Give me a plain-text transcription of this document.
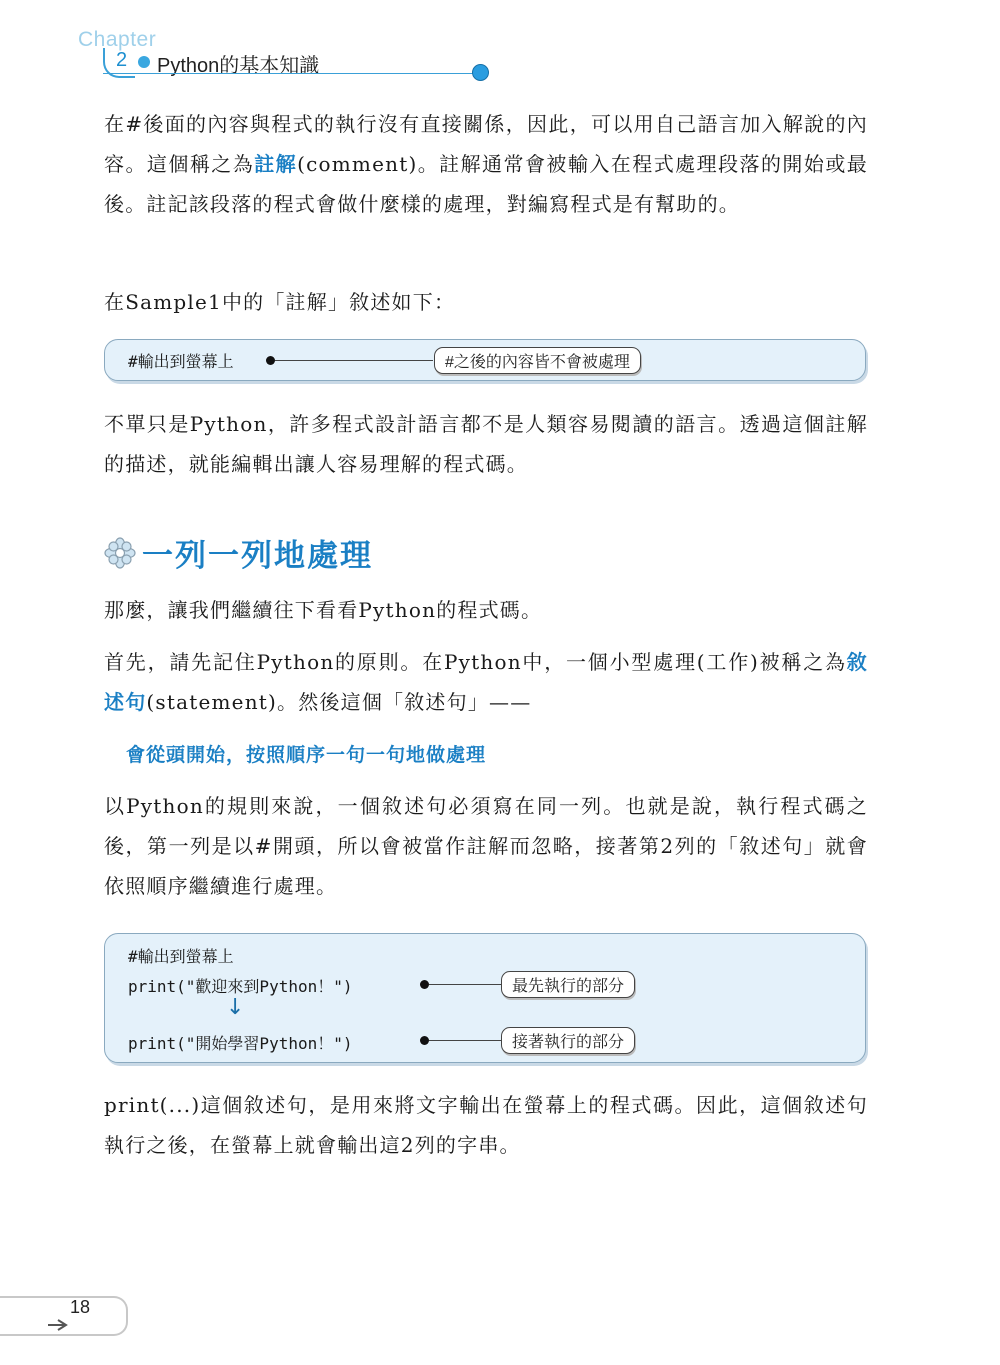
Chapter
2 Python的基本知識

在#後面的內容與程式的執行沒有直接關係，因此，可以用自己語言加入解說的內容。這個稱之為註解(comment)。註解通常會被輸入在程式處理段落的開始或最後。註記該段落的程式會做什麼樣的處理，對編寫程式是有幫助的。

在Sample1中的「註解」敘述如下：

#輸出到螢幕上	#之後的內容皆不會被處理

不單只是Python，許多程式設計語言都不是人類容易閱讀的語言。透過這個註解的描述，就能編輯出讓人容易理解的程式碼。

一列一列地處理

那麼，讓我們繼續往下看看Python的程式碼。

首先，請先記住Python的原則。在Python中，一個小型處理(工作)被稱之為敘述句(statement)。然後這個「敘述句」——

會從頭開始，按照順序一句一句地做處理

以Python的規則來說，一個敘述句必須寫在同一列。也就是說，執行程式碼之後，第一列是以#開頭，所以會被當作註解而忽略，接著第2列的「敘述句」就會依照順序繼續進行處理。

#輸出到螢幕上
print("歡迎來到Python！")
↓
print("開始學習Python！")
最先執行的部分
接著執行的部分

print(...)這個敘述句，是用來將文字輸出在螢幕上的程式碼。因此，這個敘述句執行之後，在螢幕上就會輸出這2列的字串。

18
